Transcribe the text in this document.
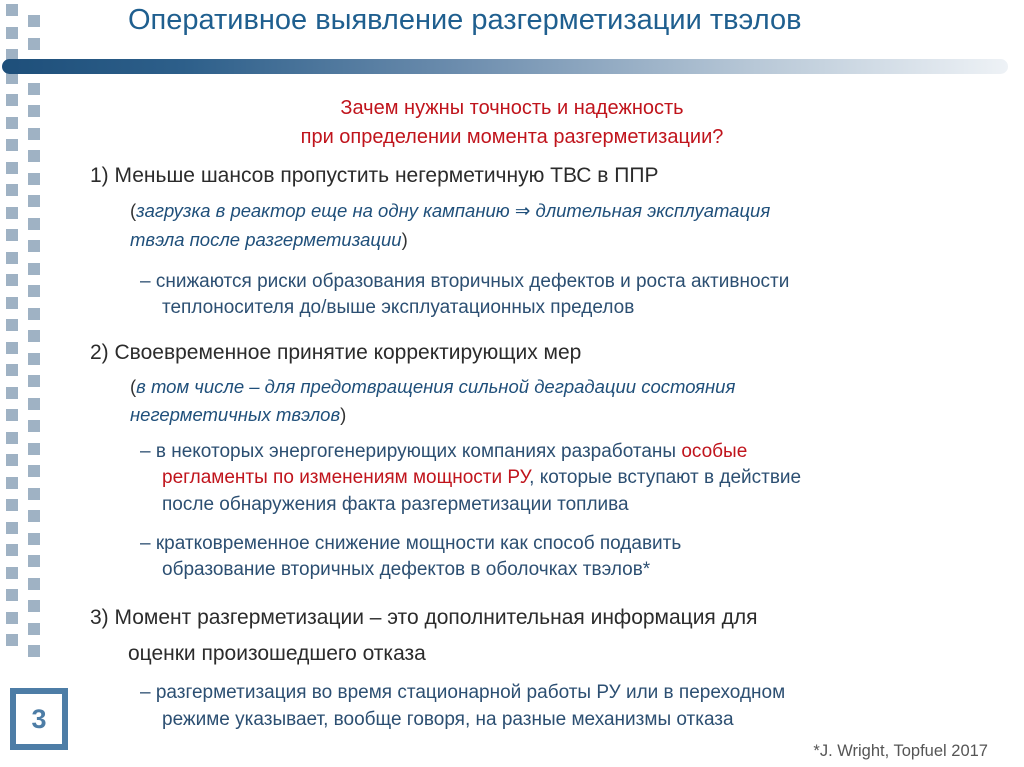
Оперативное выявление разгерметизации твэлов
Зачем нужны точность и надежность
при определении момента разгерметизации?
1) Меньше шансов пропустить негерметичную ТВС в ППР
(загрузка в реактор еще на одну кампанию ⇒ длительная эксплуатация
твэла после разгерметизации)
– снижаются риски образования вторичных дефектов и роста активности
теплоносителя до/выше эксплуатационных пределов
2) Своевременное принятие корректирующих мер
(в том числе – для предотвращения сильной деградации состояния
негерметичных твэлов)
– в некоторых энергогенерирующих компаниях разработаны особые
регламенты по изменениям мощности РУ, которые вступают в действие
после обнаружения факта разгерметизации топлива
– кратковременное снижение мощности как способ подавить
образование вторичных дефектов в оболочках твэлов*
3) Момент разгерметизации – это дополнительная информация для
оценки произошедшего отказа
– разгерметизация во время стационарной работы РУ или в переходном
режиме указывает, вообще говоря, на разные механизмы отказа
3
*J. Wright, Topfuel 2017
